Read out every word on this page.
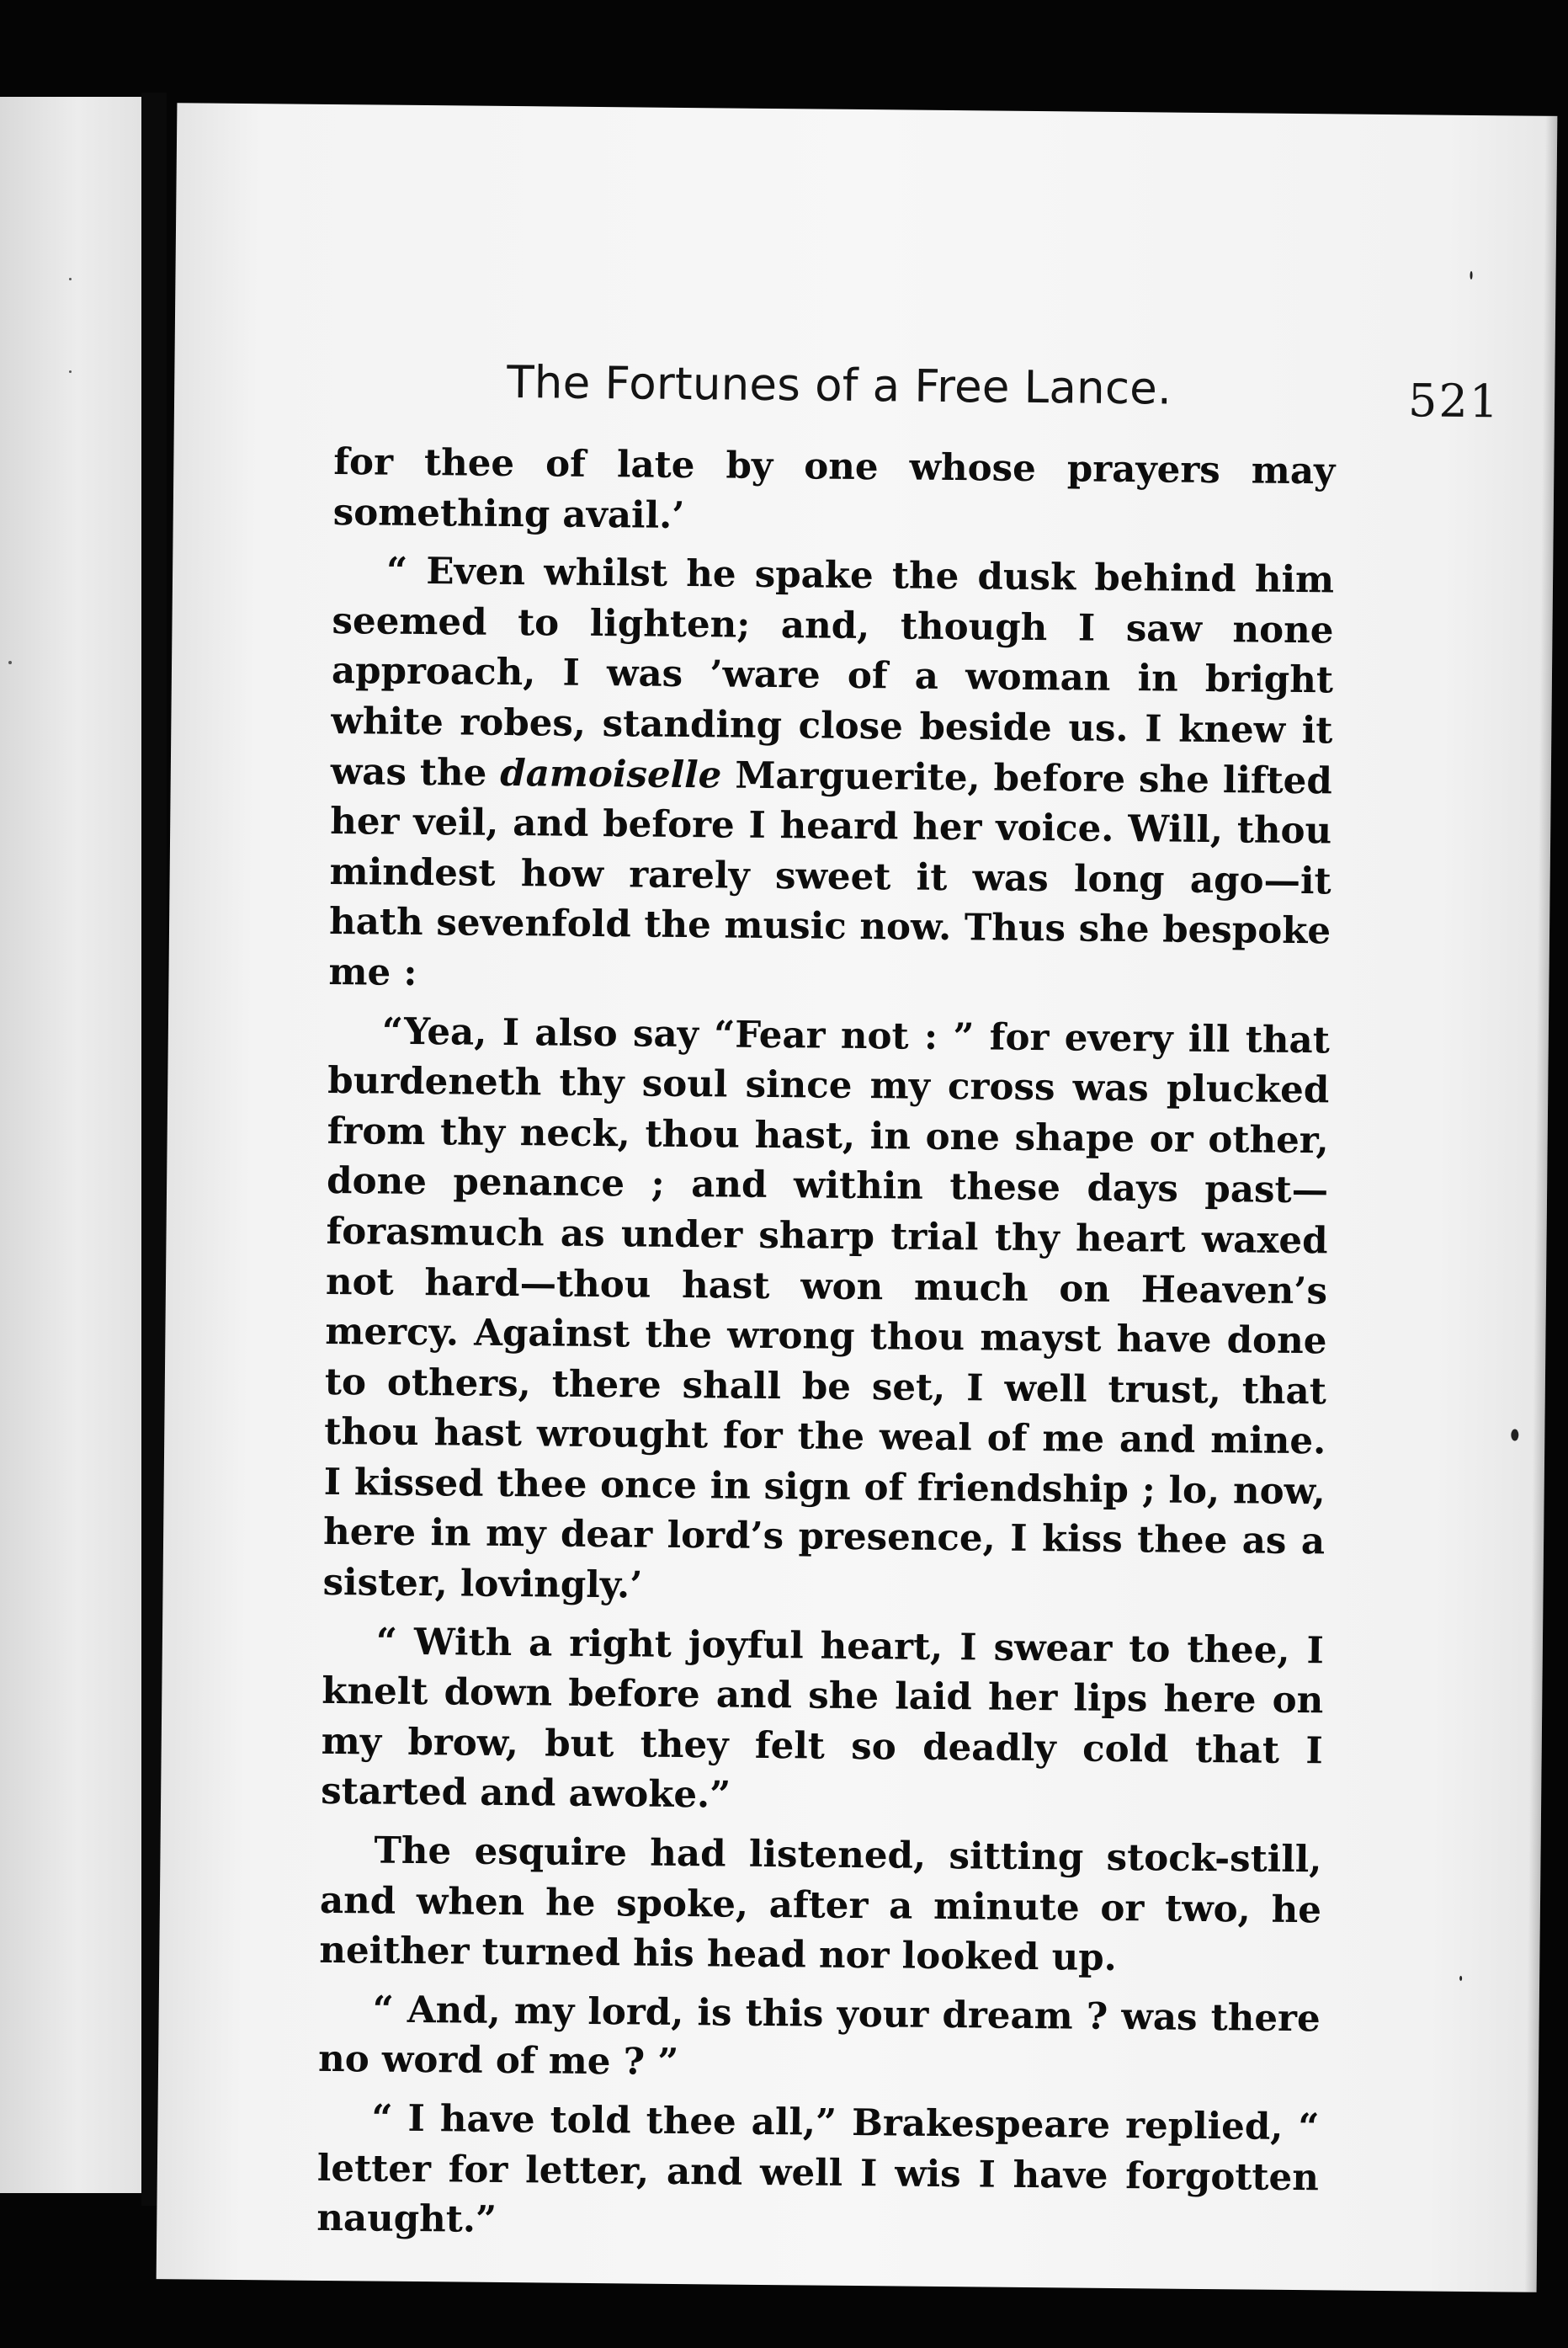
The Fortunes of a Free Lance.	521

for thee of late by one whose prayers may something avail.’

“ Even whilst he spake the dusk behind him seemed to lighten; and, though I saw none approach, I was ’ware of a woman in bright white robes, standing close beside us. I knew it was the damoiselle Marguerite, before she lifted her veil, and before I heard her voice. Will, thou mindest how rarely sweet it was long ago—it hath sevenfold the music now. Thus she bespoke me :

“Yea, I also say “Fear not : ” for every ill that burdeneth thy soul since my cross was plucked from thy neck, thou hast, in one shape or other, done penance ; and within these days past—forasmuch as under sharp trial thy heart waxed not hard—thou hast won much on Heaven’s mercy. Against the wrong thou mayst have done to others, there shall be set, I well trust, that thou hast wrought for the weal of me and mine. I kissed thee once in sign of friendship ; lo, now, here in my dear lord’s presence, I kiss thee as a sister, lovingly.’

“ With a right joyful heart, I swear to thee, I knelt down before and she laid her lips here on my brow, but they felt so deadly cold that I started and awoke.”

The esquire had listened, sitting stock-still, and when he spoke, after a minute or two, he neither turned his head nor looked up.

“ And, my lord, is this your dream ? was there no word of me ? ”

“ I have told thee all,” Brakespeare replied, “ letter for letter, and well I wis I have forgotten naught.”
